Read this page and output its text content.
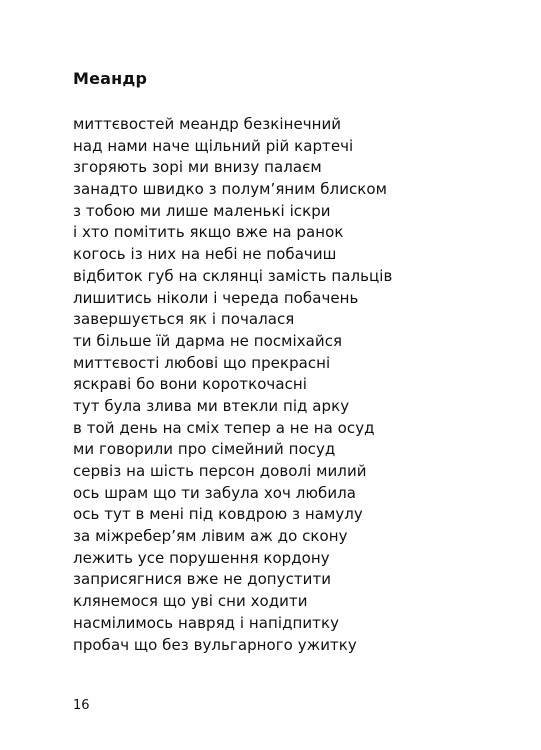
Меандр
миттєвостей меандр безкінечний
над нами наче щільний рій картечі
згоряють зорі ми внизу палаєм
занадто швидко з полум’яним блиском
з тобою ми лише маленькі іскри
і хто помітить якщо вже на ранок
когось із них на небі не побачиш
відбиток губ на склянці замість пальців
лишитись ніколи і череда побачень
завершується як і почалася
ти більше їй дарма не посміхайся
миттєвості любові що прекрасні
яскраві бо вони короткочасні
тут була злива ми втекли під арку
в той день на сміх тепер а не на осуд
ми говорили про сімейний посуд
сервіз на шість персон доволі милий
ось шрам що ти забула хоч любила
ось тут в мені під ковдрою з намулу
за міжребер’ям лівим аж до скону
лежить усе порушення кордону
заприсягнися вже не допустити
клянемося що уві сни ходити
насмілимось навряд і напідпитку
пробач що без вульгарного ужитку
16
